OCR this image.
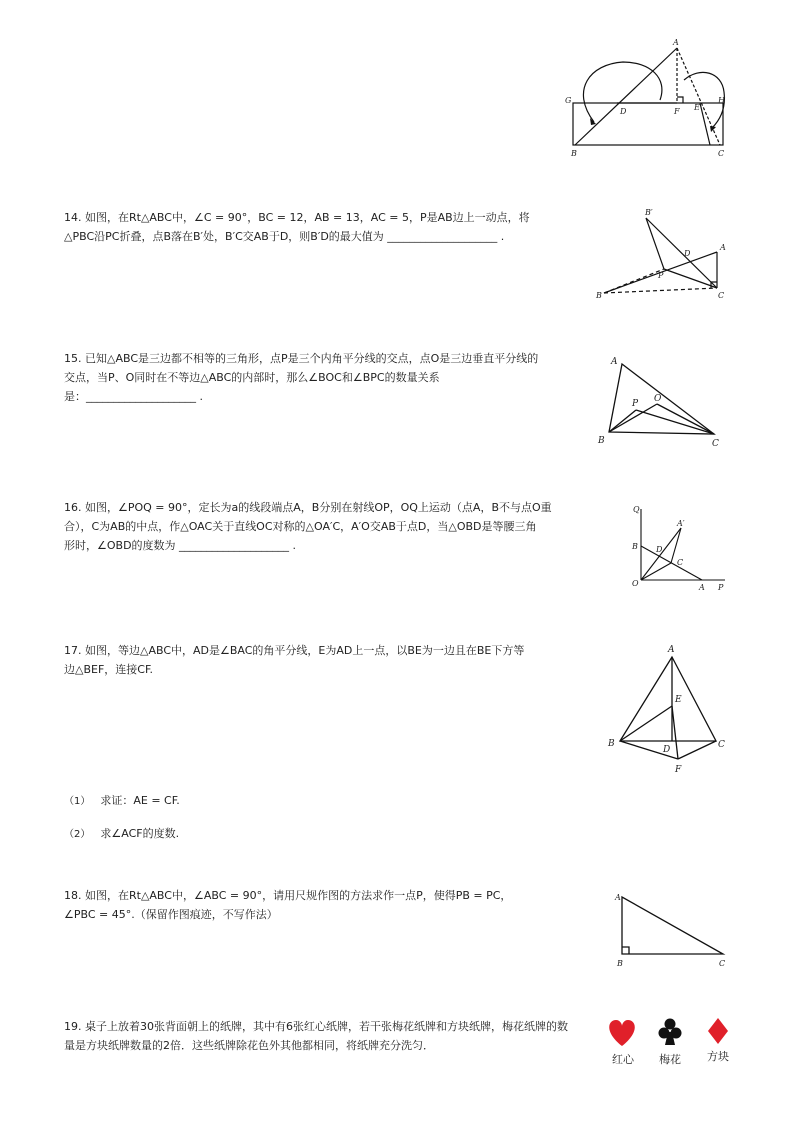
A
G
D	F E
H
B	C
14. 如图，在Rt△ABC中，∠C = 90°，BC = 12，AB = 13，AC = 5，P是AB边上一动点，将
△PBC沿PC折叠，点B落在B′处，B′C交AB于D，则B′D的最大值为 ____________________ .
B′
A
D
P
B	C
15. 已知△ABC是三边都不相等的三角形，点P是三个内角平分线的交点，点O是三边垂直平分线的
交点，当P、O同时在不等边△ABC的内部时，那么∠BOC和∠BPC的数量关系
是：____________________ .
A
P O
B	C
16. 如图，∠POQ = 90°，定长为a的线段端点A，B分别在射线OP，OQ上运动（点A，B不与点O重
合），C为AB的中点，作△OAC关于直线OC对称的△OA′C，A′O交AB于点D，当△OBD是等腰三角
形时，∠OBD的度数为 ____________________ .
Q
A′
B D
C
O	A P
17. 如图，等边△ABC中，AD是∠BAC的角平分线，E为AD上一点，以BE为一边且在BE下方等
边△BEF，连接CF.
A
E
B
D	C
F
（1） 求证：AE = CF.
（2） 求∠ACF的度数.
18. 如图，在Rt△ABC中，∠ABC = 90°，请用尺规作图的方法求作一点P，使得PB = PC，
∠PBC = 45°.（保留作图痕迹，不写作法）
A
B	C
19. 桌子上放着30张背面朝上的纸牌，其中有6张红心纸牌，若干张梅花纸牌和方块纸牌，梅花纸牌的数
量是方块纸牌数量的2倍．这些纸牌除花色外其他都相同，将纸牌充分洗匀．
红心 梅花 方块
